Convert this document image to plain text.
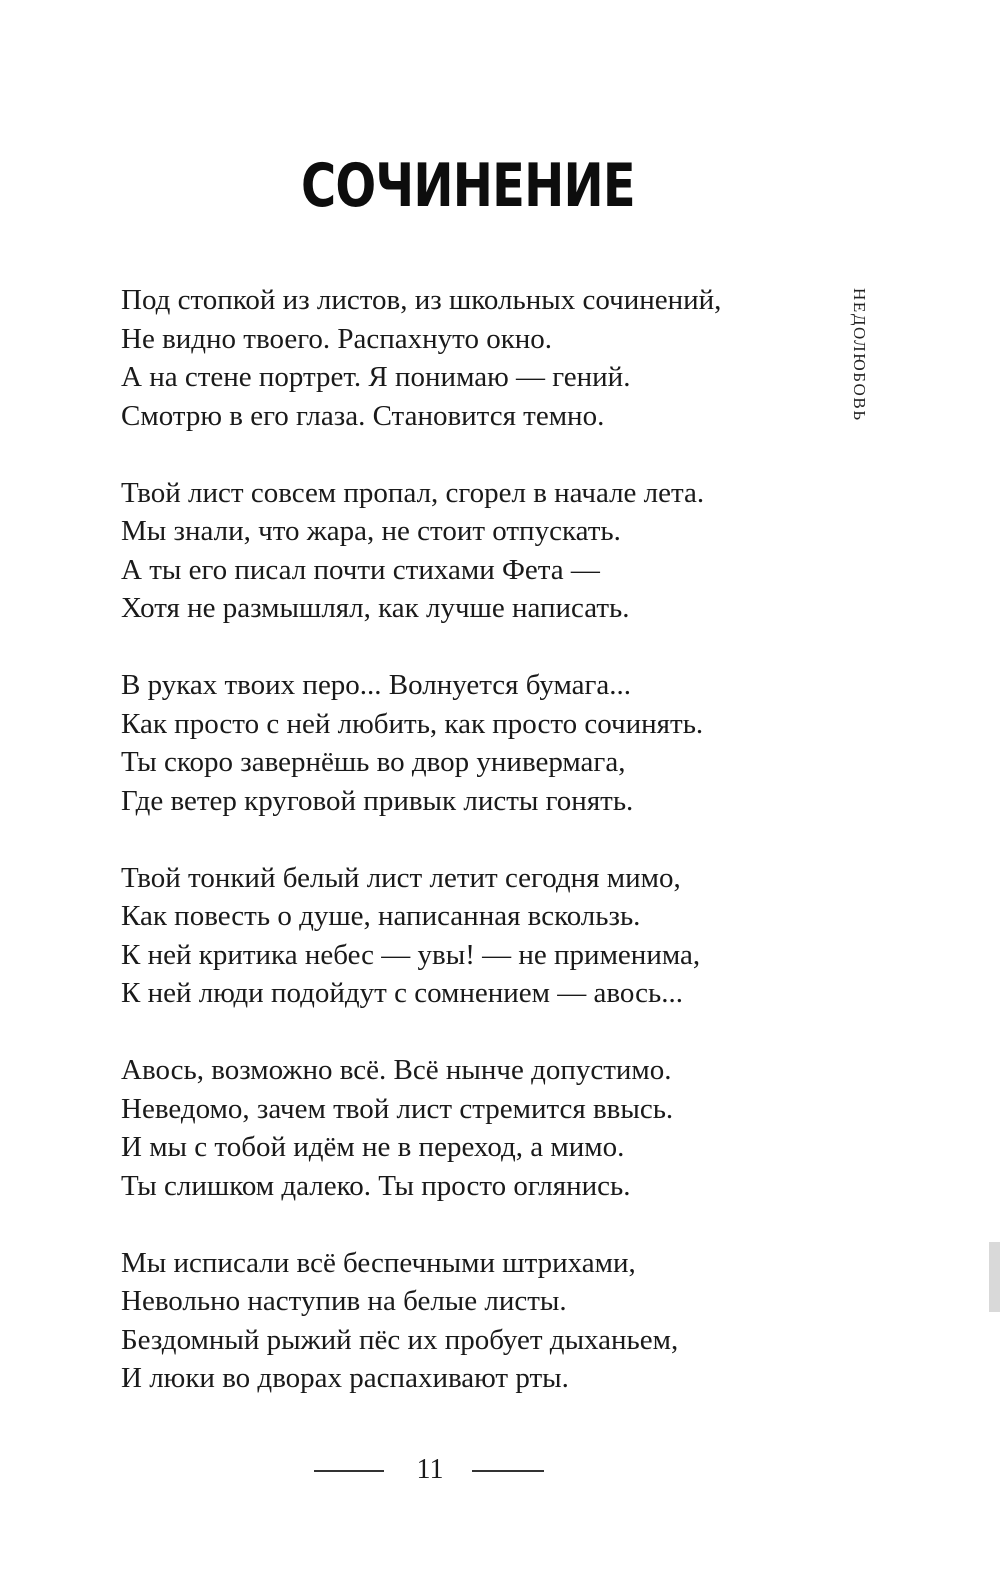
СОЧИНЕНИЕ
НЕДОЛЮБОВЬ
Под стопкой из листов, из школьных сочинений,
Не видно твоего. Распахнуто окно.
А на стене портрет. Я понимаю — гений.
Смотрю в его глаза. Становится темно.
Твой лист совсем пропал, сгорел в начале лета.
Мы знали, что жара, не стоит отпускать.
А ты его писал почти стихами Фета —
Хотя не размышлял, как лучше написать.
В руках твоих перо... Волнуется бумага...
Как просто с ней любить, как просто сочинять.
Ты скоро завернёшь во двор универмага,
Где ветер круговой привык листы гонять.
Твой тонкий белый лист летит сегодня мимо,
Как повесть о душе, написанная вскользь.
К ней критика небес — увы! — не применима,
К ней люди подойдут с сомнением — авось...
Авось, возможно всё. Всё нынче допустимо.
Неведомо, зачем твой лист стремится ввысь.
И мы с тобой идём не в переход, а мимо.
Ты слишком далеко. Ты просто оглянись.
Мы исписали всё беспечными штрихами,
Невольно наступив на белые листы.
Бездомный рыжий пёс их пробует дыханьем,
И люки во дворах распахивают рты.
11
